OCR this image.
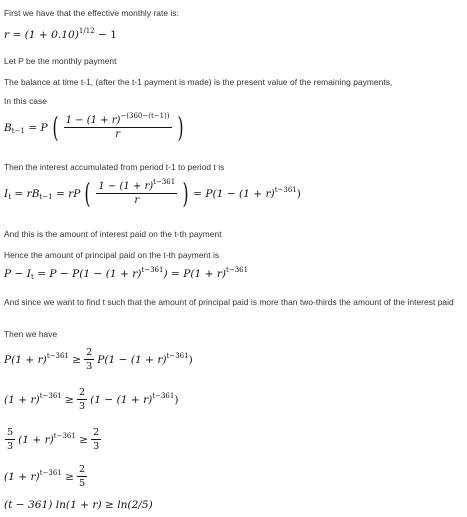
First we have that the effective monthly rate is:
$r = (1 + 0.10)^{1/12} - 1$
Let P be the monthly payment
The balance at time t-1, (after the t-1 payment is made) is the present value of the remaining payments,
In this case
$B_{t-1} = P$ ( $\frac{1 - (1 + r)^{-(360-(t-1))}}{r}$ )
Then the interest accumulated from period t-1 to period t is
$I_t = rB_{t-1}$ = rP ( $\frac{1 - (1 + r)^{t-361}}{r}$ ) = $P(1 - (1 + r)^{t-361})$
And this is the amount of interest paid on the t-th payment
Hence the amount of principal paid on the t-th payment is
$P - I_t = P - P(1 - (1 + r)^{t-361}) = P(1 + r)^{t-361}$
And since we want to find t such that the amount of principal paid is more than two-thirds the amount of the interest paid
Then we have
$P(1 + r)^{t-361} \ge \frac{2}{3} P(1 - (1 + r)^{t-361})$
$(1 + r)^{t-361} \ge \frac{2}{3} (1 - (1 + r)^{t-361})$
$\frac{5}{3} (1 + r)^{t-361} \ge \frac{2}{3}$
$(1 + r)^{t-361} \ge \frac{2}{5}$
(t − 361) ln(1 + r) ≥ ln(2/5)
